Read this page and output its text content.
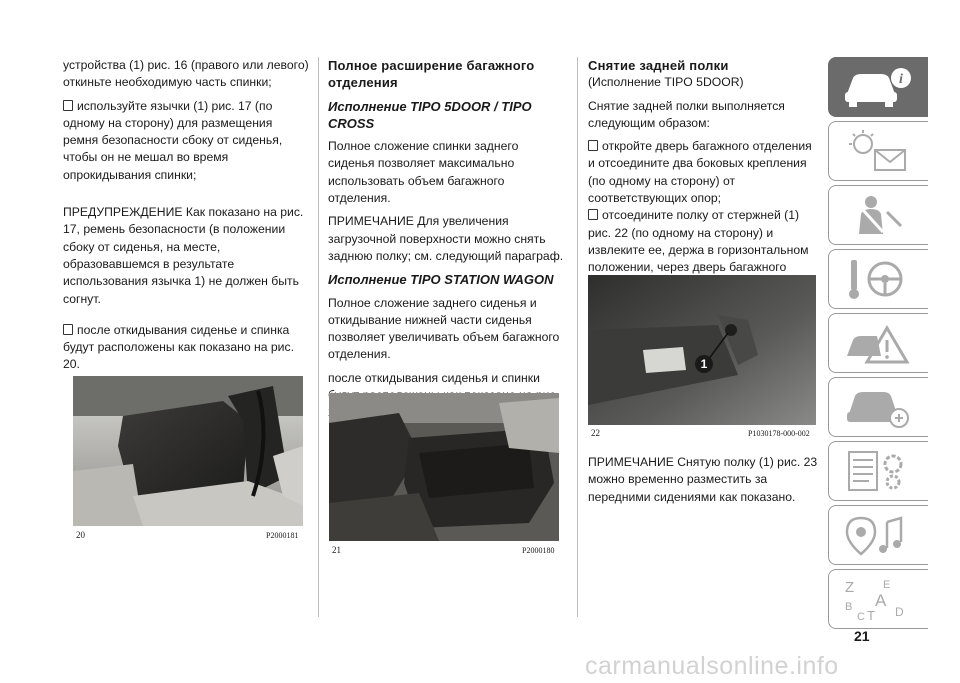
устройства (1) рис. 16 (правого или левого) откиньте необходимую часть спинки;

используйте язычки (1) рис. 17 (по одному на сторону) для размещения ремня безопасности сбоку от сиденья, чтобы он не мешал во время опрокидывания спинки;

ПРЕДУПРЕЖДЕНИЕ Как показано на рис. 17, ремень безопасности (в положении сбоку от сиденья, на месте, образовавшемся в результате использования язычка 1) не должен быть согнут.

после откидывания сиденье и спинка будут расположены как показано на рис. 20.

20	P2000181

Полное расширение багажного отделения

Исполнение TIPO 5DOOR / TIPO CROSS

Полное сложение спинки заднего сиденья позволяет максимально использовать объем багажного отделения.

ПРИМЕЧАНИЕ Для увеличения загрузочной поверхности можно снять заднюю полку; см. следующий параграф.

Исполнение TIPO STATION WAGON

Полное сложение заднего сиденья и откидывание нижней части сиденья позволяет увеличивать объем багажного отделения.

после откидывания сиденья и спинки

21	P2000180

Снятие задней полки

(Исполнение TIPO 5DOOR)

Снятие задней полки выполняется следующим образом:

откройте дверь багажного отделения и отсоедините два боковых крепления (по одному на сторону) от соответствующих опор;

отсоедините полку от стержней (1) рис. 22 (по одному на сторону) и извлеките ее, держа в горизонтальном положении, через дверь багажного

1
22	P1030178-000-002

ПРИМЕЧАНИЕ Снятую полку (1) рис. 23 можно временно разместить за передними сидениями как показано.

i
Z	E
B A
C T D
21
carmanualsonline.info
